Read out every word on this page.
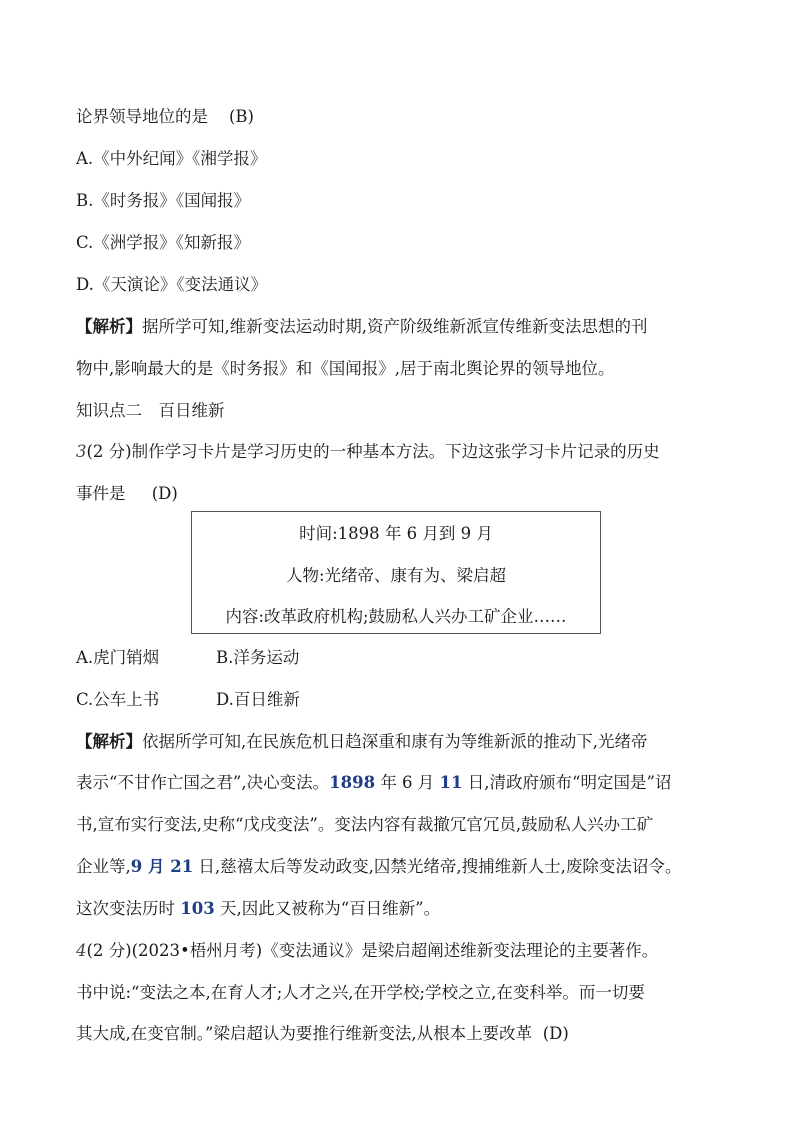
论界领导地位的是 (B)
A.《中外纪闻》《湘学报》
B.《时务报》《国闻报》
C.《洲学报》《知新报》
D.《天演论》《变法通议》
【解析】据所学可知,维新变法运动时期,资产阶级维新派宣传维新变法思想的刊
物中,影响最大的是《时务报》和《国闻报》,居于南北舆论界的领导地位。
知识点二　百日维新
3(2 分)制作学习卡片是学习历史的一种基本方法。下边这张学习卡片记录的历史
事件是 (D)
时间:1898 年 6 月到 9 月
人物:光绪帝、康有为、梁启超
内容:改革政府机构;鼓励私人兴办工矿企业……
A.虎门销烟	B.洋务运动
C.公车上书	D.百日维新
【解析】依据所学可知,在民族危机日趋深重和康有为等维新派的推动下,光绪帝
表示“不甘作亡国之君”,决心变法。1898 年 6 月 11 日,清政府颁布“明定国是”诏
书,宣布实行变法,史称“戊戌变法”。变法内容有裁撤冗官冗员,鼓励私人兴办工矿
企业等,9 月 21 日,慈禧太后等发动政变,囚禁光绪帝,搜捕维新人士,废除变法诏令。
这次变法历时 103 天,因此又被称为“百日维新”。
4(2 分)(2023•梧州月考)《变法通议》是梁启超阐述维新变法理论的主要著作。
书中说:“变法之本,在育人才;人才之兴,在开学校;学校之立,在变科举。而一切要
其大成,在变官制。”梁启超认为要推行维新变法,从根本上要改革 (D)
